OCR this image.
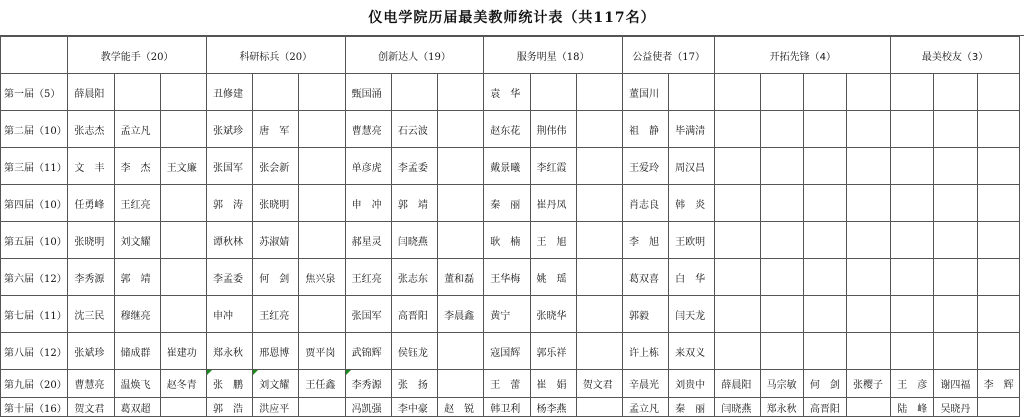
仪电学院历届最美教师统计表（共117名）
	教学能手（20）			科研标兵（20）			创新达人（19）			服务明星（18）			公益使者（17）		开拓先锋（4）				最美校友（3）		
第一届（5）	薛晨阳			丑修建			甄国涌			袁　华			董国川								
第二届（10）	张志杰	孟立凡		张斌珍	唐　军		曹慧亮	石云波		赵东花	荆伟伟		祖　静	毕满清							
第三届（11）	文　丰	李　杰	王文廉	张国军	张会新		单彦虎	李孟委		戴景曦	李红霞		王爱玲	周汉昌							
第四届（10）	任勇峰	王红亮		郭　涛	张晓明		申　冲	郭　靖		秦　丽	崔丹凤		肖志良	韩　炎							
第五届（10）	张晓明	刘文耀		谭秋林	苏淑婧		郝星灵	闫晓燕		耿　楠	王　旭		李　旭	王欧明							
第六届（12）	李秀源	郭　靖		李孟委	何　剑	焦兴泉	王红亮	张志东	董和磊	王华梅	姚　瑶		葛双喜	白　华							
第七届（11）	沈三民	穆继亮		申冲	王红亮		张国军	高晋阳	李晨鑫	黄宁	张晓华		郭毅	闫天龙							
第八届（12）	张斌珍	储成群	崔建功	郑永秋	邢恩博	贾平岗	武锦辉	侯钰龙		寇国辉	郭乐祥		许上栋	来双义							
第九届（20）	曹慧亮	温焕飞	赵冬青	张　鹏	刘文耀	王任鑫	李秀源	张　扬		王　蕾	崔　娟	贺文君	辛晨光	刘贵中	薛晨阳	马宗敏	何　剑	张樱子	王　彦	谢四福	李　辉
第十届（16）	贺文君	葛双超		郭　浩	洪应平		冯凯强	李中豪	赵　锐	韩卫利	杨李燕		孟立凡	秦　丽	闫晓燕	郑永秋	高晋阳		陆　峰	吴晓丹	
